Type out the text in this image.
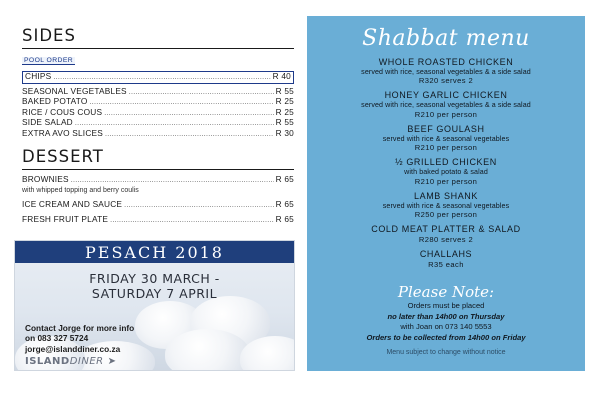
SIDES
POOL ORDER
CHIPS .....	R 40
SEASONAL VEGETABLES .....	R 55
BAKED POTATO .....	R 25
RICE / COUS COUS .....	R 25
SIDE SALAD .....	R 55
EXTRA AVO SLICES .....	R 30
DESSERT
BROWNIES .....	R 65
with whipped topping and berry coulis
ICE CREAM AND SAUCE .....	R 65
FRESH FRUIT PLATE .....	R 65
PESACH 2018
FRIDAY 30 MARCH -
SATURDAY 7 APRIL
Contact Jorge for more info
on 083 327 5724
jorge@islanddiner.co.za
ISLANDDINER ➤
Shabbat menu
WHOLE ROASTED CHICKEN
served with rice, seasonal vegetables & a side salad
R320 serves 2
HONEY GARLIC CHICKEN
served with rice, seasonal vegetables & a side salad
R210 per person
BEEF GOULASH
served with rice & seasonal vegetables
R210 per person
½ GRILLED CHICKEN
with baked potato & salad
R210 per person
LAMB SHANK
served with rice & seasonal vegetables
R250 per person
COLD MEAT PLATTER & SALAD
R280 serves 2
CHALLAHS
R35 each
Please Note:
Orders must be placed
no later than 14h00 on Thursday
with Joan on 073 140 5553
Orders to be collected from 14h00 on Friday
Menu subject to change without notice
